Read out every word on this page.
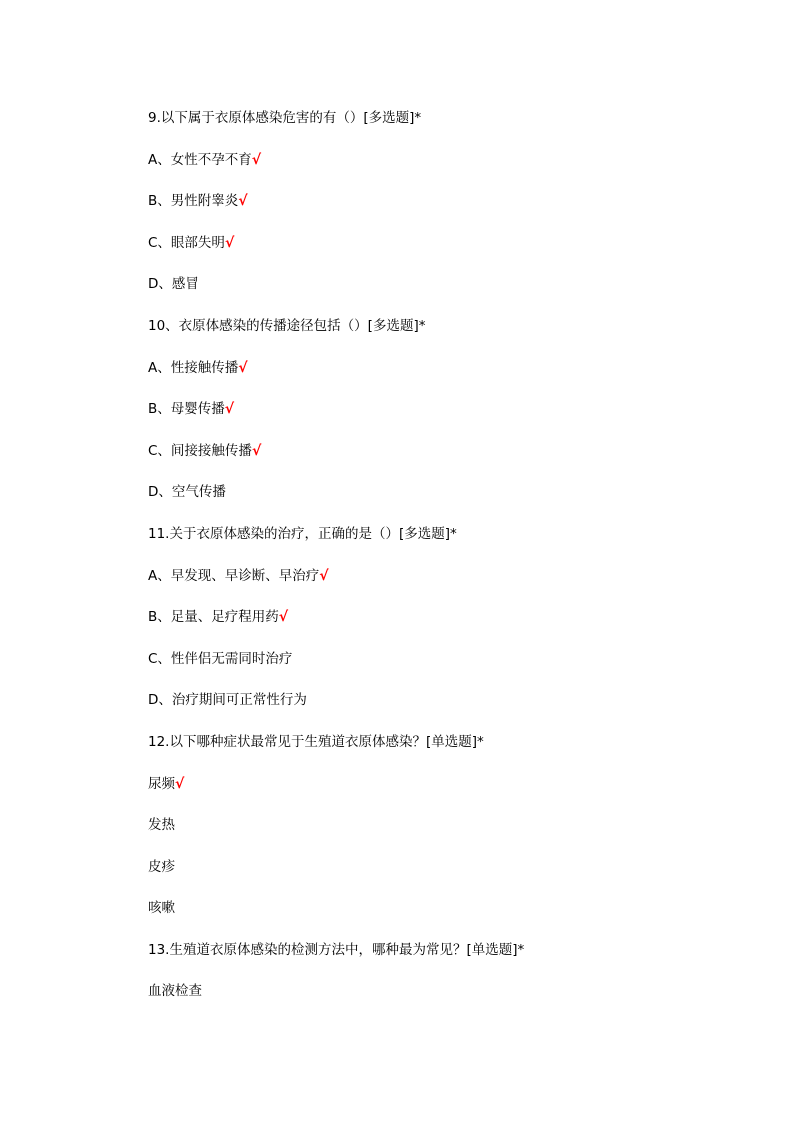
9.以下属于衣原体感染危害的有（）[多选题]*
A、女性不孕不育√
B、男性附睾炎√
C、眼部失明√
D、感冒
10、衣原体感染的传播途径包括（）[多选题]*
A、性接触传播√
B、母婴传播√
C、间接接触传播√
D、空气传播
11.关于衣原体感染的治疗，正确的是（）[多选题]*
A、早发现、早诊断、早治疗√
B、足量、足疗程用药√
C、性伴侣无需同时治疗
D、治疗期间可正常性行为
12.以下哪种症状最常见于生殖道衣原体感染？[单选题]*
尿频√
发热
皮疹
咳嗽
13.生殖道衣原体感染的检测方法中，哪种最为常见？[单选题]*
血液检查
